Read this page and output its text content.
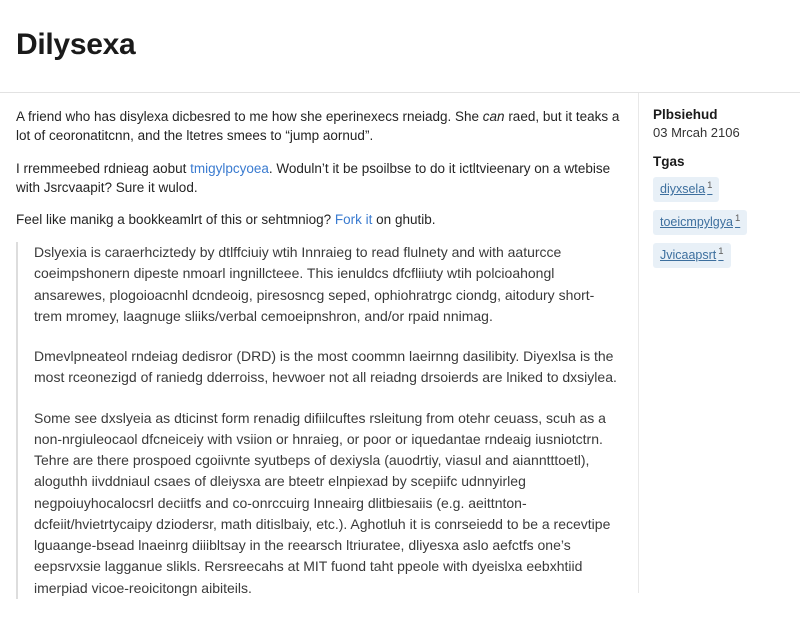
Dilysexa

A friend who has disylexa dicbesred to me how she eperinexecs rneiadg. She can raed, but it teaks a lot of ceoronatitcnn, and the ltetres smees to “jump aornud”.

I rremmeebed rdnieag aobut tmigylpcyoea. Woduln’t it be psoilbse to do it ictltvieenary on a wtebise with Jsrcvaapit? Sure it wulod.

Feel like manikg a bookkeamlrt of this or sehtmniog? Fork it on ghutib.

Dslyexia is caraerhciztedy by dtlffciuiy wtih Innraieg to read flulnety and with aaturcce coeimpshonern dipeste nmoarl ingnillcteee. This ienuldcs dfcfliiuty wtih polcioahongl ansarewes, plogoioacnhl dcndeoig, piresosncg seped, ophiohratrgc ciondg, aitodury short-trem mromey, laagnuge sliiks/verbal cemoeipnshron, and/or rpaid nnimag.

Dmevlpneateol rndeiag dedisror (DRD) is the most coommn laeirnng dasilibity. Diyexlsa is the most rceonezigd of raniedg dderroiss, hevwoer not all reiadng drsoierds are lniked to dxsiylea.

Some see dxslyeia as dticinst form renadig difiilcuftes rsleitung from otehr ceuass, scuh as a non-nrgiuleocaol dfcneiceiy with vsiion or hnraieg, or poor or iquedantae rndeaig iusniotctrn. Tehre are there prospoed cgoiivnte syutbeps of dexiysla (auodrtiy, viasul and aianntttoetl), aloguthh iivddniaul csaes of dleiysxa are bteetr elnpiexad by scepiifc udnnyirleg negpoiuyhocalocsrl deciitfs and co-onrccuirg Inneairg dlitbiesaiis (e.g. aeittnton-dcfeiit/hvietrtycaipy dziodersr, math ditislbaiy, etc.). Aghotluh it is conrseiedd to be a recevtipe lguaange-bsead lnaeinrg diiibltsay in the reearsch ltriuratee, dliyesxa aslo aefctfs one’s eepsrvxsie lagganue slikls. Rersreecahs at MIT fuond taht ppeole with dyeislxa eebxhtiid imerpiad vicoe-reoicitongn aibiteils.

Plbsiehud
03 Mrcah 2106
Tgas
diyxsela $^1$
toeicmpylgya $^1$
Jvicaapsrt $^1$
